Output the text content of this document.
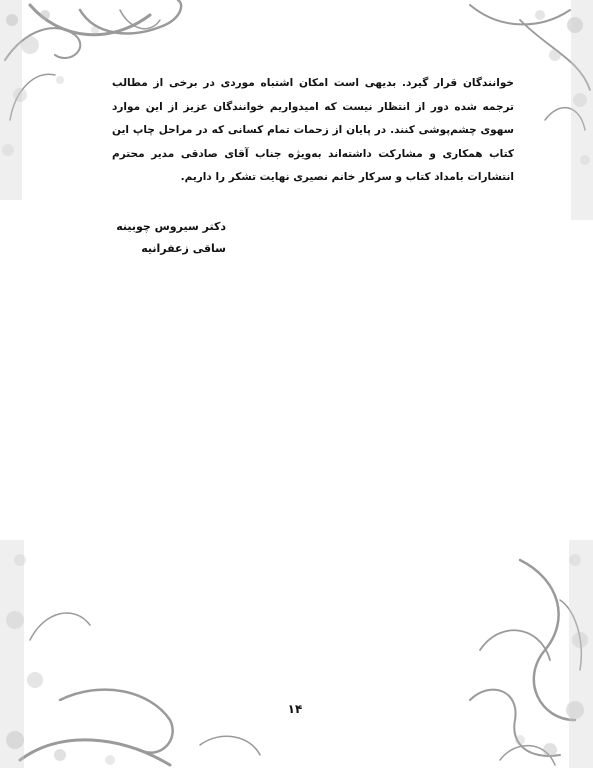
خوانندگان قرار گیرد. بدیهی است امکان اشتباه موردی در برخی از مطالب ترجمه شده دور از انتظار نیست که امیدواریم خوانندگان عزیز از این موارد سهوی چشم‌پوشی کنند. در پایان از زحمات تمام کسانی که در مراحل چاپ این کتاب همکاری و مشارکت داشته‌اند به‌ویژه جناب آقای صادقی مدیر محترم انتشارات بامداد کتاب و سرکار خانم نصیری نهایت تشکر را داریم.
دکتر سیروس چوبینه
ساقی زعفرانیه
۱۴
